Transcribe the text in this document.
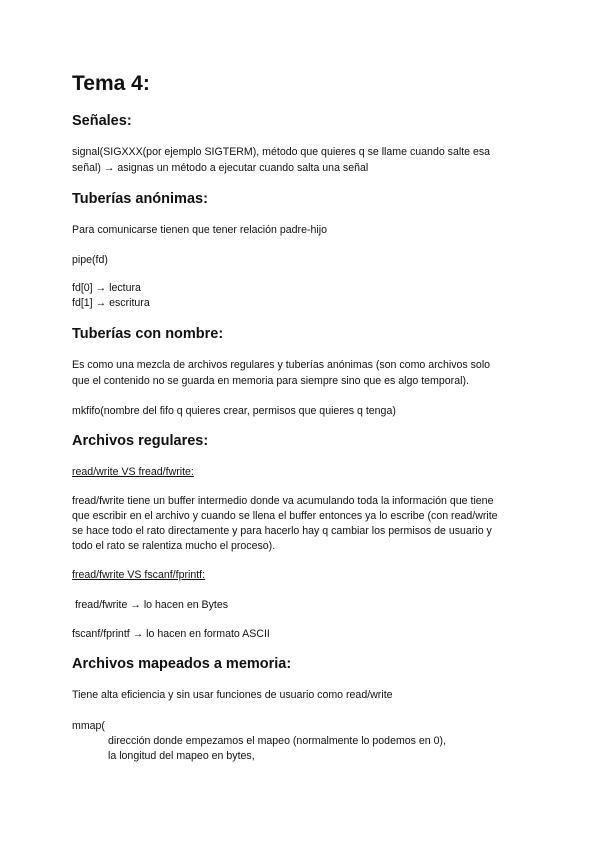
Tema 4:
Señales:
signal(SIGXXX(por ejemplo SIGTERM), método que quieres q se llame cuando salte esa
señal) → asignas un método a ejecutar cuando salta una señal
Tuberías anónimas:
Para comunicarse tienen que tener relación padre-hijo
pipe(fd)
fd[0] → lectura
fd[1] → escritura
Tuberías con nombre:
Es como una mezcla de archivos regulares y tuberías anónimas (son como archivos solo
que el contenido no se guarda en memoria para siempre sino que es algo temporal).
mkfifo(nombre del fifo q quieres crear, permisos que quieres q tenga)
Archivos regulares:
read/write VS fread/fwrite:
fread/fwrite tiene un buffer intermedio donde va acumulando toda la información que tiene
que escribir en el archivo y cuando se llena el buffer entonces ya lo escribe (con read/write
se hace todo el rato directamente y para hacerlo hay q cambiar los permisos de usuario y
todo el rato se ralentiza mucho el proceso).
fread/fwrite VS fscanf/fprintf:
fread/fwrite → lo hacen en Bytes
fscanf/fprintf → lo hacen en formato ASCII
Archivos mapeados a memoria:
Tiene alta eficiencia y sin usar funciones de usuario como read/write
mmap(
dirección donde empezamos el mapeo (normalmente lo podemos en 0),
la longitud del mapeo en bytes,
